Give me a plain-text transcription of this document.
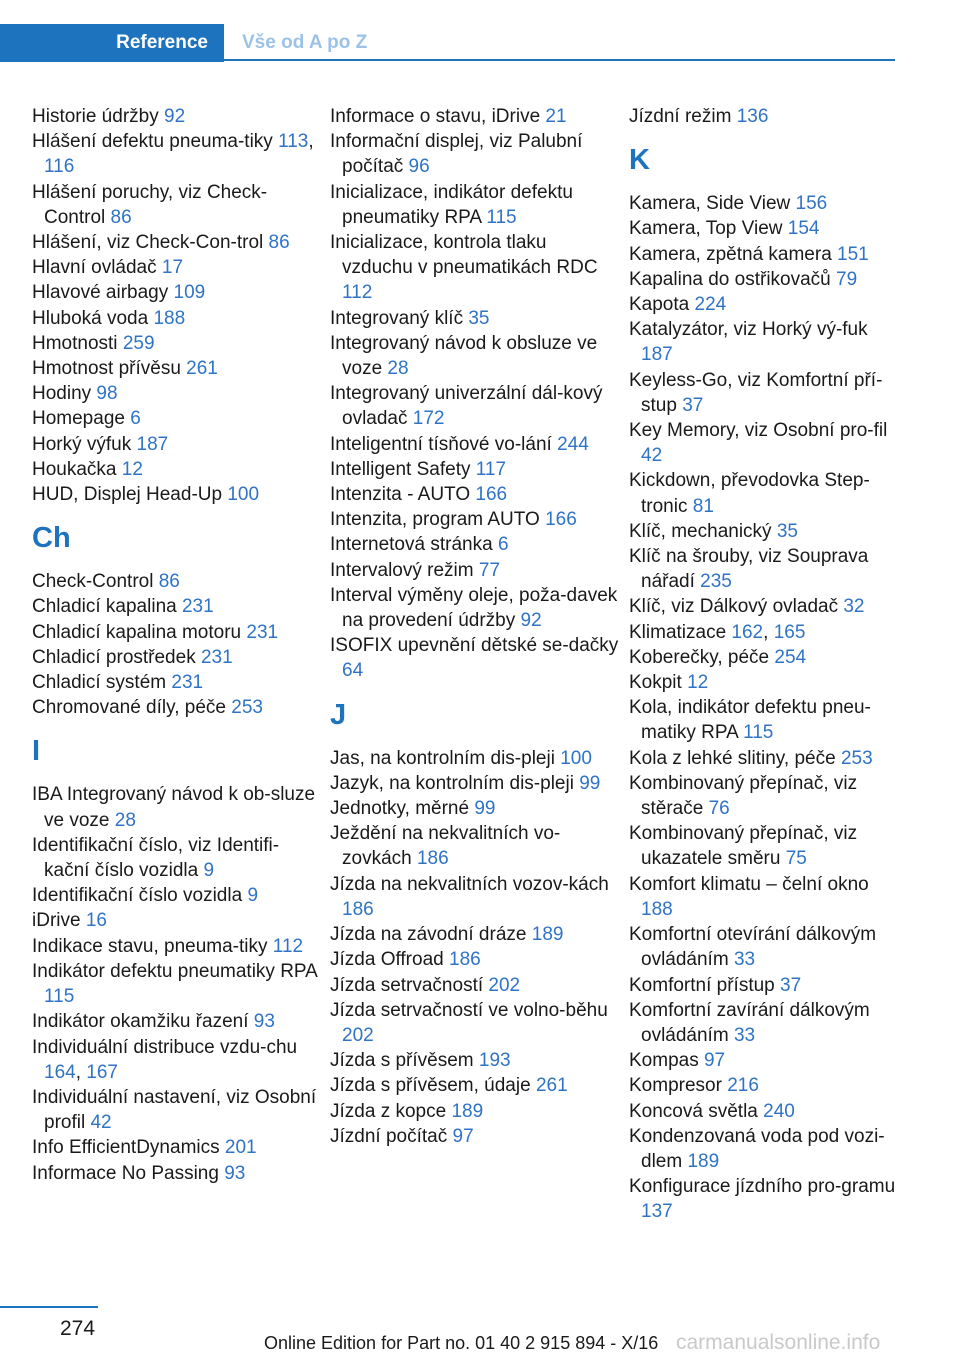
Reference	Vše od A po Z
Historie údržby 92
Hlášení defektu pneuma‐tiky 113, 116
Hlášení poruchy, viz Check-Control 86
Hlášení, viz Check-Con‐trol 86
Hlavní ovládač 17
Hlavové airbagy 109
Hluboká voda 188
Hmotnosti 259
Hmotnost přívěsu 261
Hodiny 98
Homepage 6
Horký výfuk 187
Houkačka 12
HUD, Displej Head-Up 100
Ch
Check-Control 86
Chladicí kapalina 231
Chladicí kapalina motoru 231
Chladicí prostředek 231
Chladicí systém 231
Chromované díly, péče 253
I
IBA Integrovaný návod k ob‐sluze ve voze 28
Identifikační číslo, viz Identifi‐kační číslo vozidla 9
Identifikační číslo vozidla 9
iDrive 16
Indikace stavu, pneuma‐tiky 112
Indikátor defektu pneumatiky RPA 115
Indikátor okamžiku řazení 93
Individuální distribuce vzdu‐chu 164, 167
Individuální nastavení, viz Osobní profil 42
Info EfficientDynamics 201
Informace No Passing 93
Informace o stavu, iDrive 21
Informační displej, viz Palubní počítač 96
Inicializace, indikátor defektu pneumatiky RPA 115
Inicializace, kontrola tlaku vzduchu v pneumatikách RDC 112
Integrovaný klíč 35
Integrovaný návod k obsluze ve voze 28
Integrovaný univerzální dál‐kový ovladač 172
Inteligentní tísňové vo‐lání 244
Intelligent Safety 117
Intenzita - AUTO 166
Intenzita, program AUTO 166
Internetová stránka 6
Intervalový režim 77
Interval výměny oleje, poža‐davek na provedení údržby 92
ISOFIX upevnění dětské se‐dačky 64
J
Jas, na kontrolním dis‐pleji 100
Jazyk, na kontrolním dis‐pleji 99
Jednotky, měrné 99
Ježdění na nekvalitních vo‐zovkách 186
Jízda na nekvalitních vozov‐kách 186
Jízda na závodní dráze 189
Jízda Offroad 186
Jízda setrvačností 202
Jízda setrvačností ve volno‐běhu 202
Jízda s přívěsem 193
Jízda s přívěsem, údaje 261
Jízda z kopce 189
Jízdní počítač 97
Jízdní režim 136
K
Kamera, Side View 156
Kamera, Top View 154
Kamera, zpětná kamera 151
Kapalina do ostřikovačů 79
Kapota 224
Katalyzátor, viz Horký vý‐fuk 187
Keyless-Go, viz Komfortní pří‐stup 37
Key Memory, viz Osobní pro‐fil 42
Kickdown, převodovka Step‐tronic 81
Klíč, mechanický 35
Klíč na šrouby, viz Souprava nářadí 235
Klíč, viz Dálkový ovladač 32
Klimatizace 162, 165
Koberečky, péče 254
Kokpit 12
Kola, indikátor defektu pneu‐matiky RPA 115
Kola z lehké slitiny, péče 253
Kombinovaný přepínač, viz stěrače 76
Kombinovaný přepínač, viz ukazatele směru 75
Komfort klimatu – čelní okno 188
Komfortní otevírání dálkovým ovládáním 33
Komfortní přístup 37
Komfortní zavírání dálkovým ovládáním 33
Kompas 97
Kompresor 216
Koncová světla 240
Kondenzovaná voda pod vozi‐dlem 189
Konfigurace jízdního pro‐gramu 137
274
Online Edition for Part no. 01 40 2 915 894 - X/16 carmanualsonline.info
